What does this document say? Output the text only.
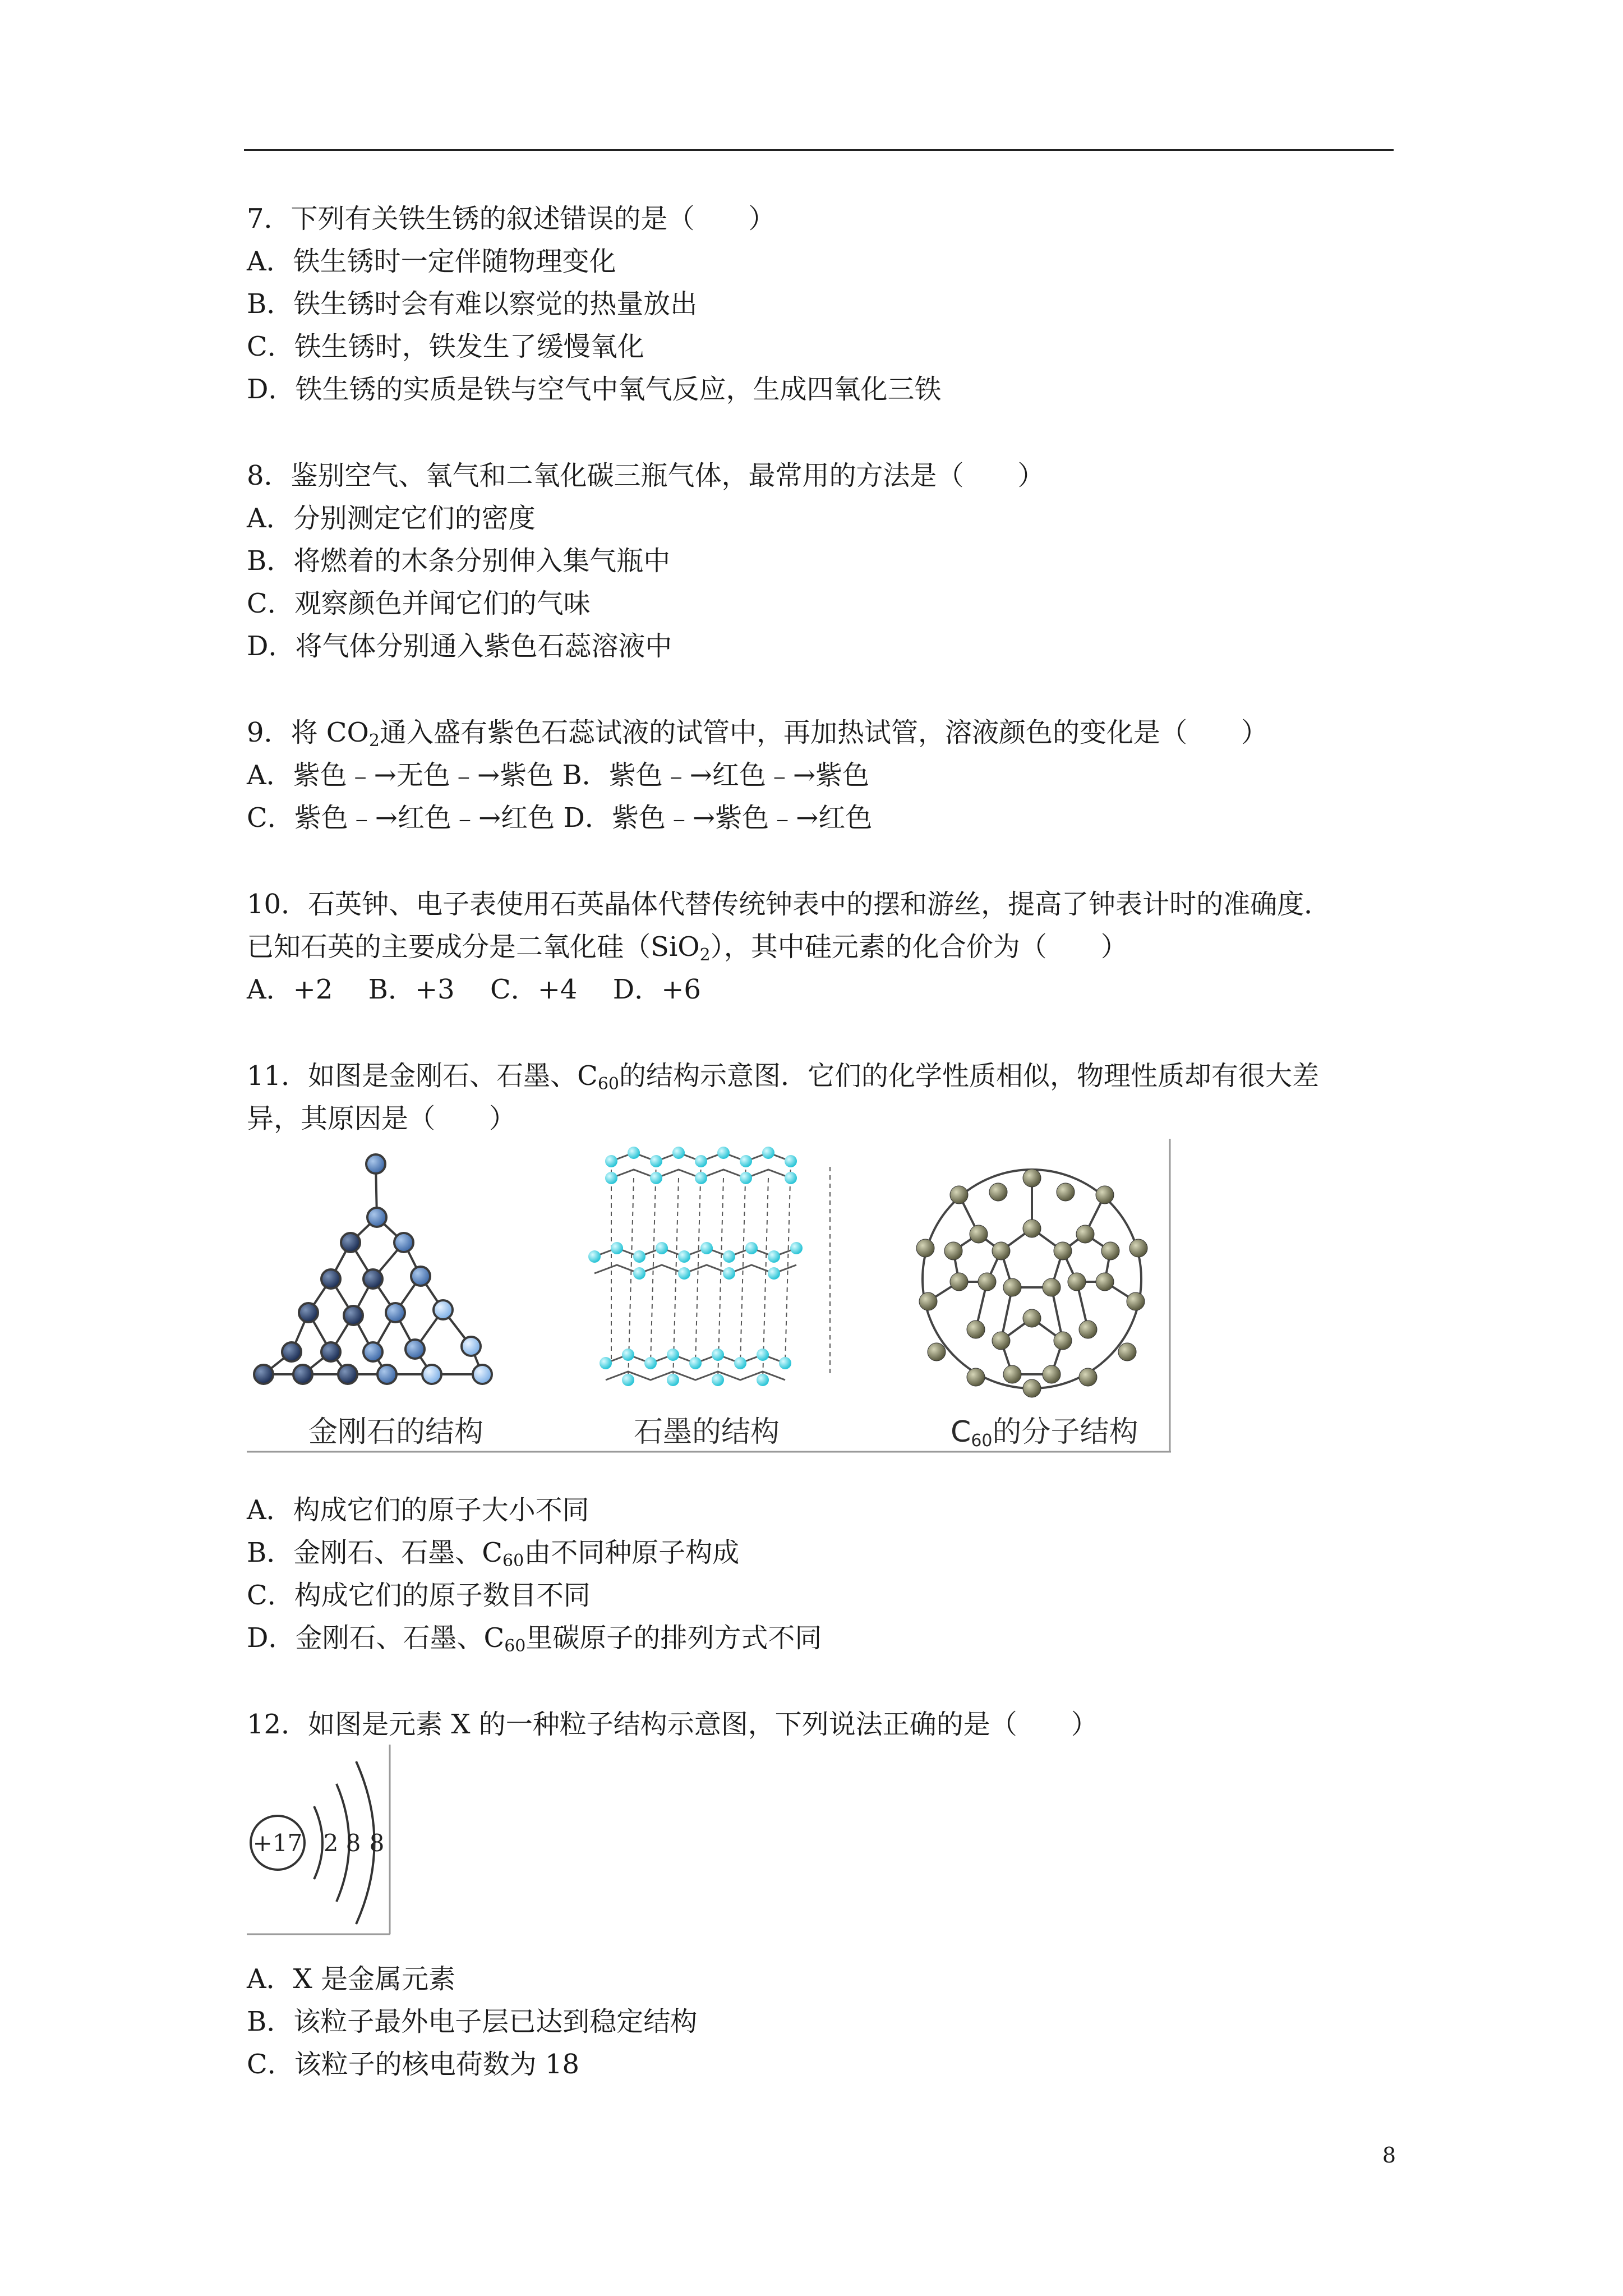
7．下列有关铁生锈的叙述错误的是（　　）
A．铁生锈时一定伴随物理变化
B．铁生锈时会有难以察觉的热量放出
C．铁生锈时，铁发生了缓慢氧化
D．铁生锈的实质是铁与空气中氧气反应，生成四氧化三铁
8．鉴别空气、氧气和二氧化碳三瓶气体，最常用的方法是（　　）
A．分别测定它们的密度
B．将燃着的木条分别伸入集气瓶中
C．观察颜色并闻它们的气味
D．将气体分别通入紫色石蕊溶液中
9．将 $CO_2$通入盛有紫色石蕊试液的试管中，再加热试管，溶液颜色的变化是（　　）
A．紫色﹣→无色﹣→紫色 B．紫色﹣→红色﹣→紫色
C．紫色﹣→红色﹣→红色 D．紫色﹣→紫色﹣→红色
10．石英钟、电子表使用石英晶体代替传统钟表中的摆和游丝，提高了钟表计时的准确度．
已知石英的主要成分是二氧化硅（SiO$_2$），其中硅元素的化合价为（　　）
A．+2　 B．+3　 C．+4　 D．+6
11．如图是金刚石、石墨、$C_{60}$的结构示意图．它们的化学性质相似，物理性质却有很大差
异，其原因是（　　）
金刚石的结构	石墨的结构	C60的分子结构
A．构成它们的原子大小不同
B．金刚石、石墨、$C_{60}$由不同种原子构成
C．构成它们的原子数目不同
D．金刚石、石墨、$C_{60}$里碳原子的排列方式不同
12．如图是元素 X 的一种粒子结构示意图，下列说法正确的是（　　）
+17 2 8 8
A．X 是金属元素
B．该粒子最外电子层已达到稳定结构
C．该粒子的核电荷数为 18
8
